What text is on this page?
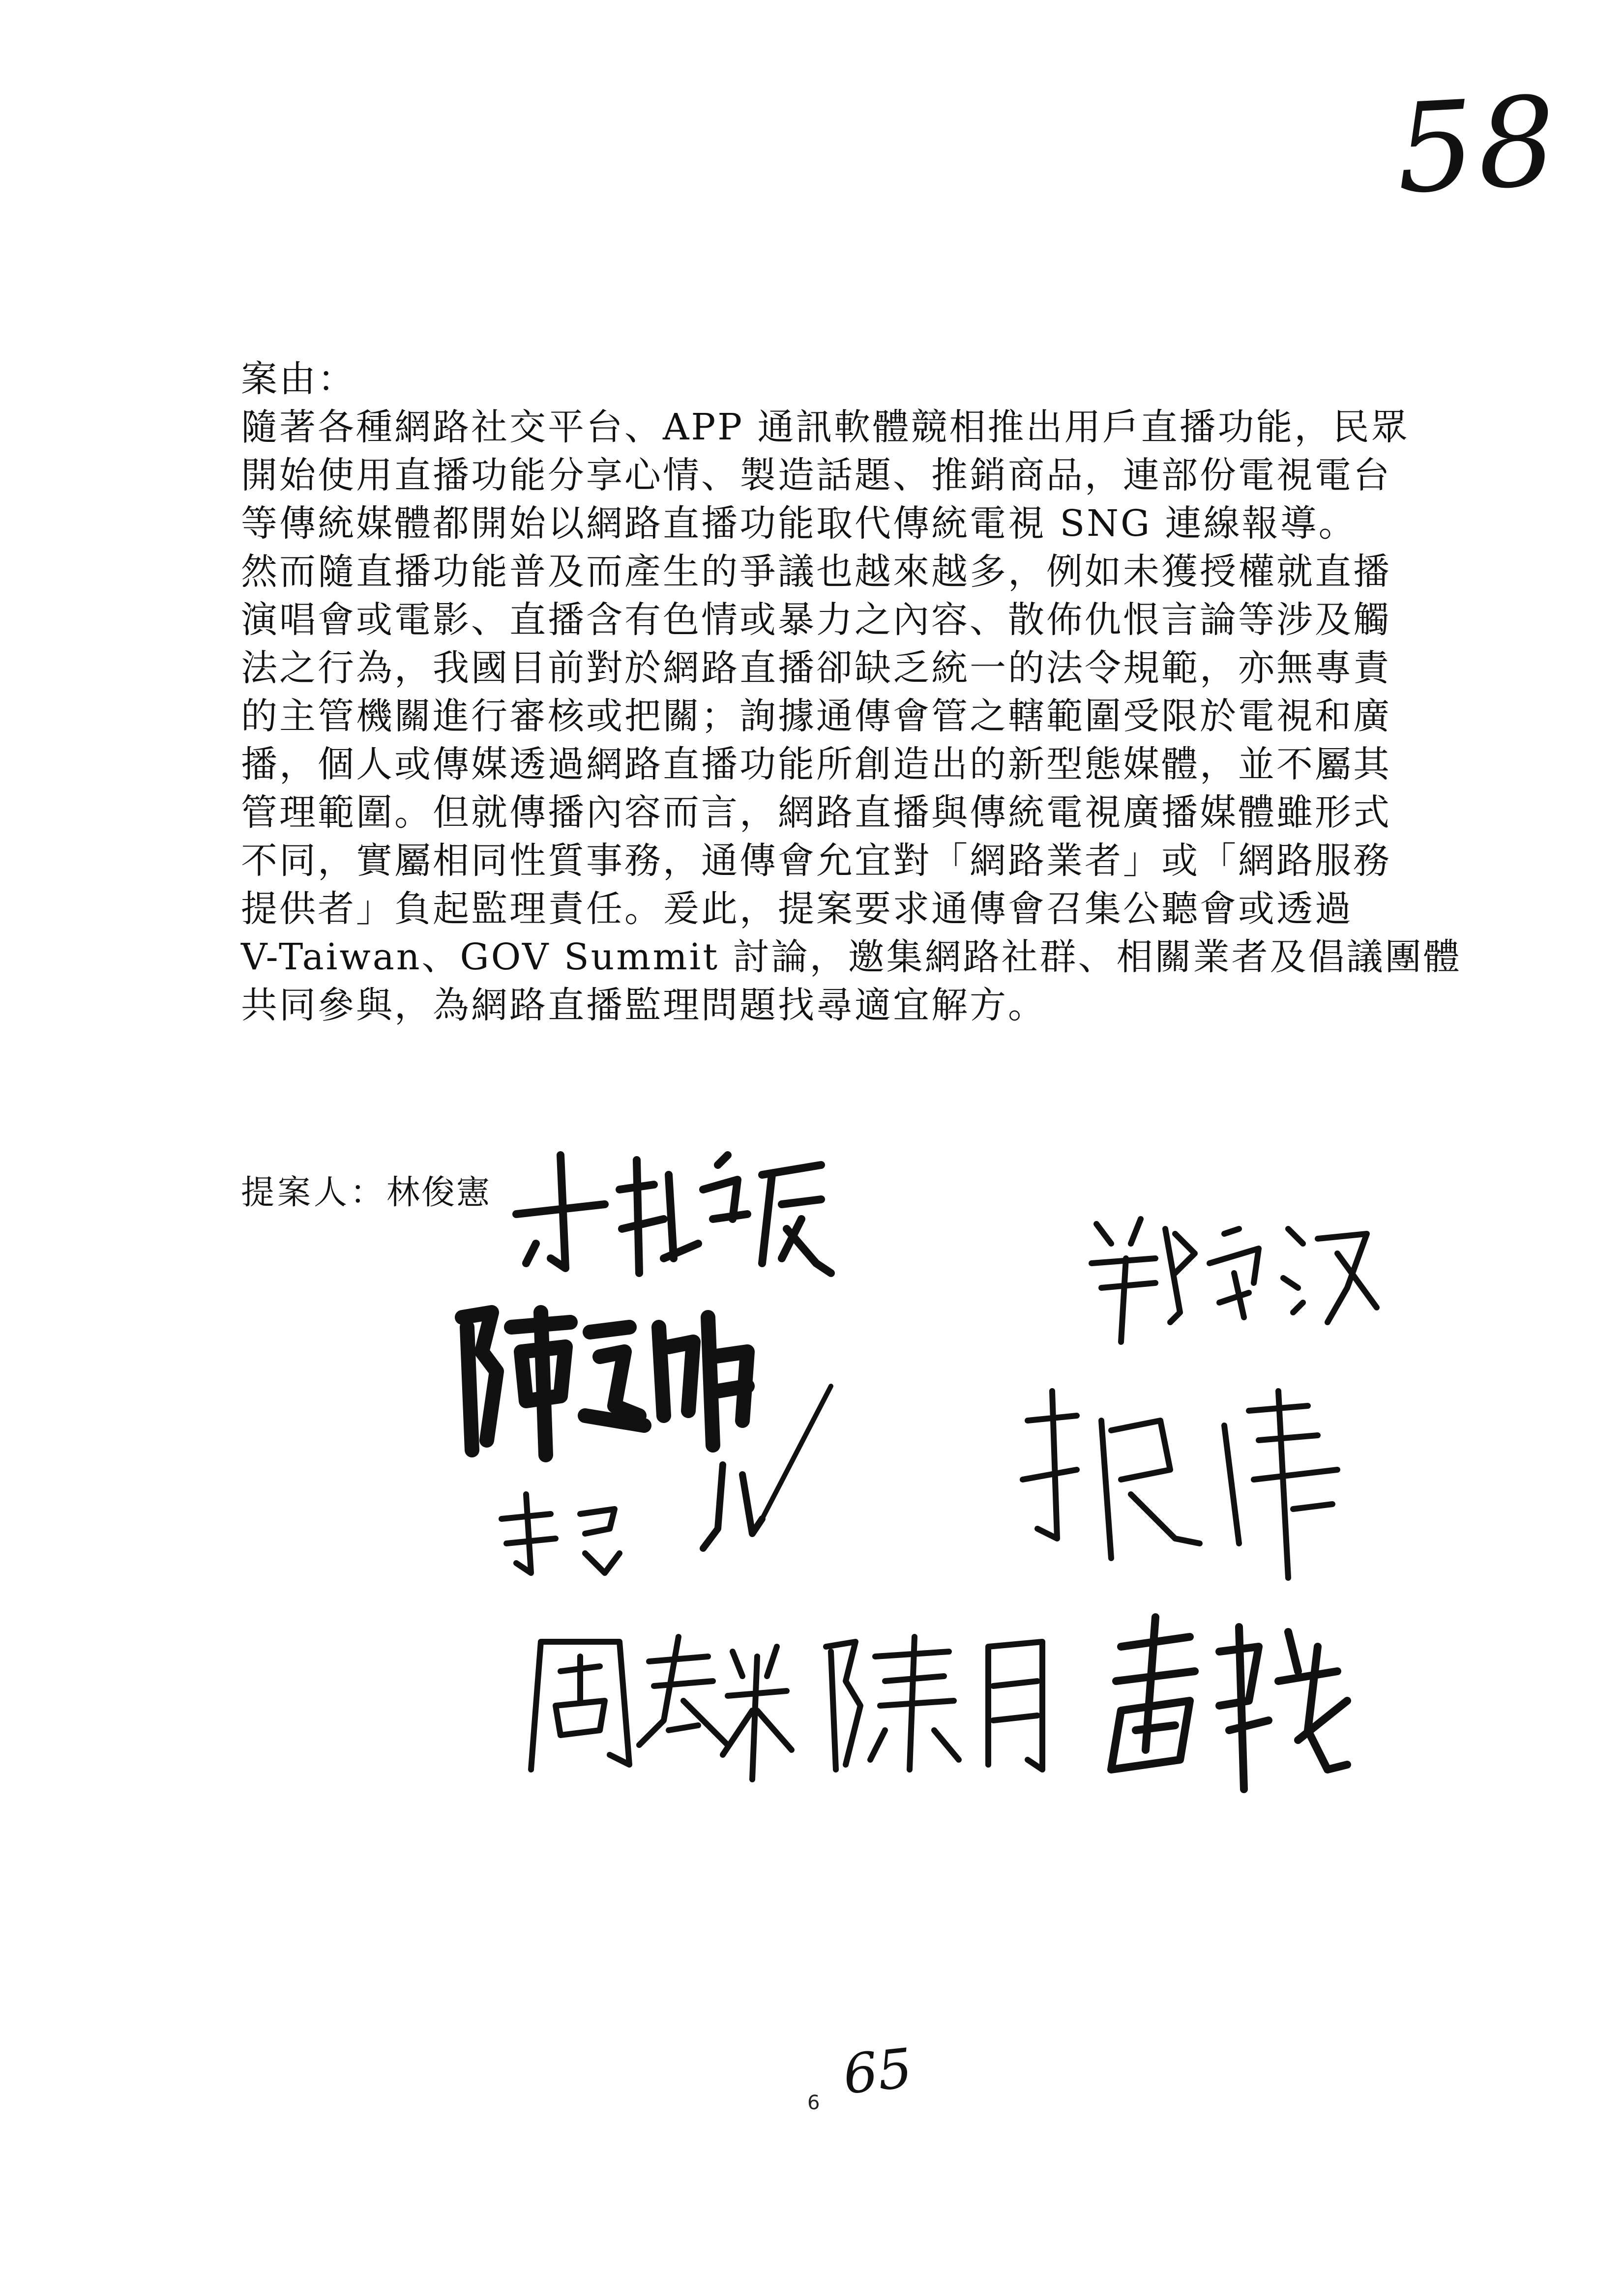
58
案由：
隨著各種網路社交平台、APP 通訊軟體競相推出用戶直播功能，民眾
開始使用直播功能分享心情、製造話題、推銷商品，連部份電視電台
等傳統媒體都開始以網路直播功能取代傳統電視 SNG 連線報導。
然而隨直播功能普及而產生的爭議也越來越多，例如未獲授權就直播
演唱會或電影、直播含有色情或暴力之內容、散佈仇恨言論等涉及觸
法之行為，我國目前對於網路直播卻缺乏統一的法令規範，亦無專責
的主管機關進行審核或把關；詢據通傳會管之轄範圍受限於電視和廣
播，個人或傳媒透過網路直播功能所創造出的新型態媒體，並不屬其
管理範圍。但就傳播內容而言，網路直播與傳統電視廣播媒體雖形式
不同，實屬相同性質事務，通傳會允宜對「網路業者」或「網路服務
提供者」負起監理責任。爰此，提案要求通傳會召集公聽會或透過
V-Taiwan、GOV Summit 討論，邀集網路社群、相關業者及倡議團體
共同參與，為網路直播監理問題找尋適宜解方。
提案人：林俊憲
6 65
